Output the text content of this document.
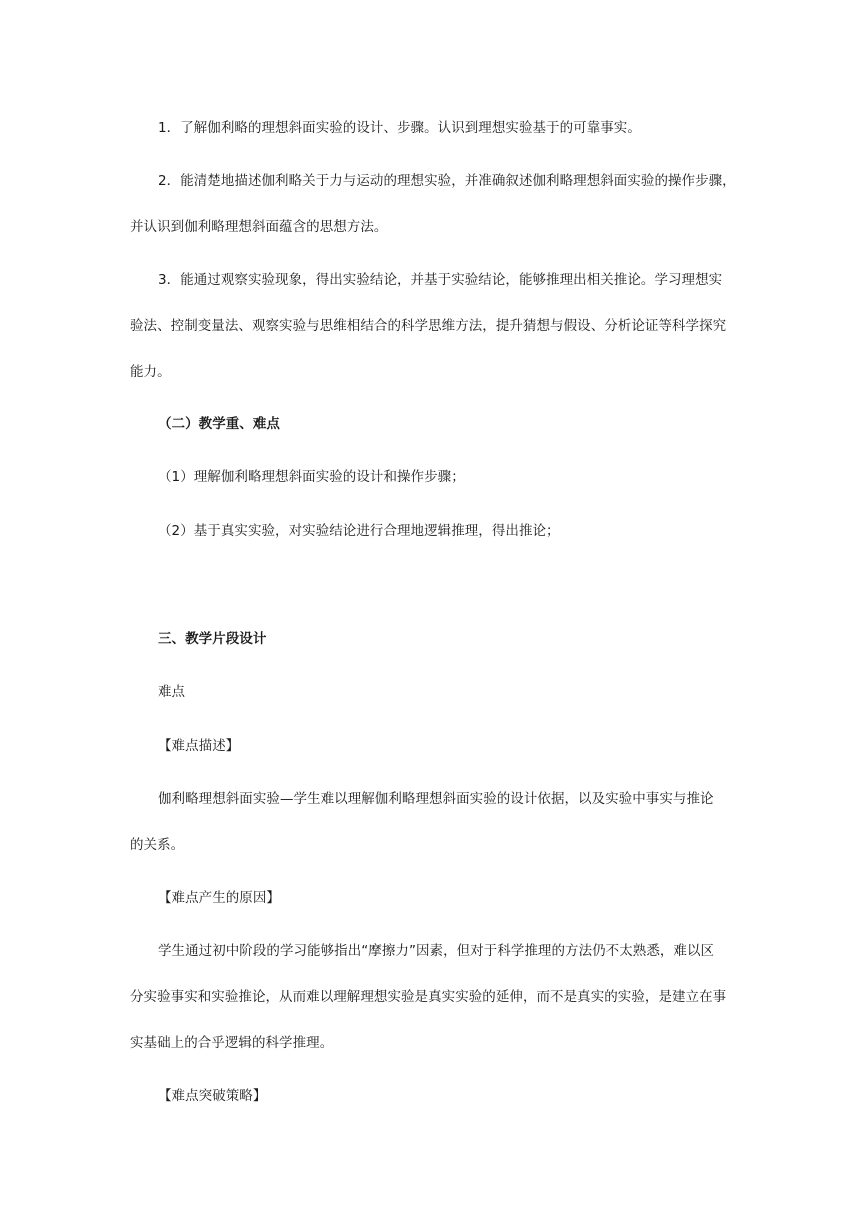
1．了解伽利略的理想斜面实验的设计、步骤。认识到理想实验基于的可靠事实。
2．能清楚地描述伽利略关于力与运动的理想实验，并准确叙述伽利略理想斜面实验的操作步骤，
并认识到伽利略理想斜面蕴含的思想方法。
3．能通过观察实验现象，得出实验结论，并基于实验结论，能够推理出相关推论。学习理想实
验法、控制变量法、观察实验与思维相结合的科学思维方法，提升猜想与假设、分析论证等科学探究
能力。
（二）教学重、难点
（1）理解伽利略理想斜面实验的设计和操作步骤；
（2）基于真实实验，对实验结论进行合理地逻辑推理，得出推论；
三、教学片段设计
难点
【难点描述】
伽利略理想斜面实验—学生难以理解伽利略理想斜面实验的设计依据，以及实验中事实与推论
的关系。
【难点产生的原因】
学生通过初中阶段的学习能够指出“摩擦力”因素，但对于科学推理的方法仍不太熟悉，难以区
分实验事实和实验推论，从而难以理解理想实验是真实实验的延伸，而不是真实的实验，是建立在事
实基础上的合乎逻辑的科学推理。
【难点突破策略】
